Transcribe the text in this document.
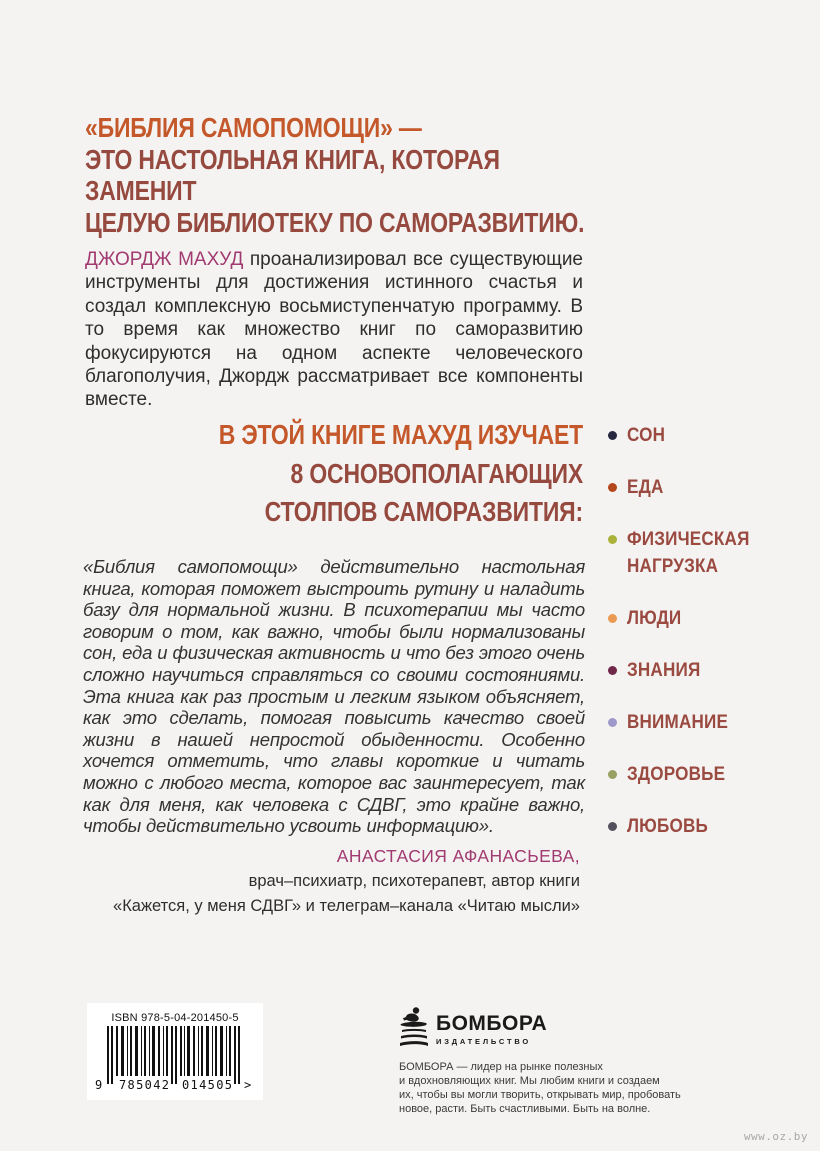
«БИБЛИЯ САМОПОМОЩИ» —
ЭТО НАСТОЛЬНАЯ КНИГА, КОТОРАЯ ЗАМЕНИТ
ЦЕЛУЮ БИБЛИОТЕКУ ПО САМОРАЗВИТИЮ.

ДЖОРДЖ МАХУД проанализировал все существующие инструменты для достижения истинного счастья и создал комплексную восьмиступенчатую программу. В то время как множество книг по саморазвитию фокусируются на одном аспекте человеческого благополучия, Джордж рассматривает все компоненты вместе.

В ЭТОЙ КНИГЕ МАХУД ИЗУЧАЕТ
8 ОСНОВОПОЛАГАЮЩИХ
СТОЛПОВ САМОРАЗВИТИЯ:
СОН
ЕДА
ФИЗИЧЕСКАЯ НАГРУЗКА
ЛЮДИ
ЗНАНИЯ
ВНИМАНИЕ
ЗДОРОВЬЕ
ЛЮБОВЬ

«Библия самопомощи» действительно настольная книга, которая поможет выстроить рутину и наладить базу для нормальной жизни. В психотерапии мы часто говорим о том, как важно, чтобы были нормализованы сон, еда и физическая активность и что без этого очень сложно научиться справляться со своими состояниями. Эта книга как раз простым и легким языком объясняет, как это сделать, помогая повысить качество своей жизни в нашей непростой обыденности. Особенно хочется отметить, что главы короткие и читать можно с любого места, которое вас заинтересует, так как для меня, как человека с СДВГ, это крайне важно, чтобы действительно усвоить информацию».

АНАСТАСИЯ АФАНАСЬЕВА,
врач–психиатр, психотерапевт, автор книги
«Кажется, у меня СДВГ» и телеграм–канала «Читаю мысли»
ISBN 978-5-04-201450-5
9 785042 014505 >
БОМБОРА
ИЗДАТЕЛЬСТВО
БОМБОРА — лидер на рынке полезных
и вдохновляющих книг. Мы любим книги и создаем
их, чтобы вы могли творить, открывать мир, пробовать
новое, расти. Быть счастливыми. Быть на волне.
www.oz.by
